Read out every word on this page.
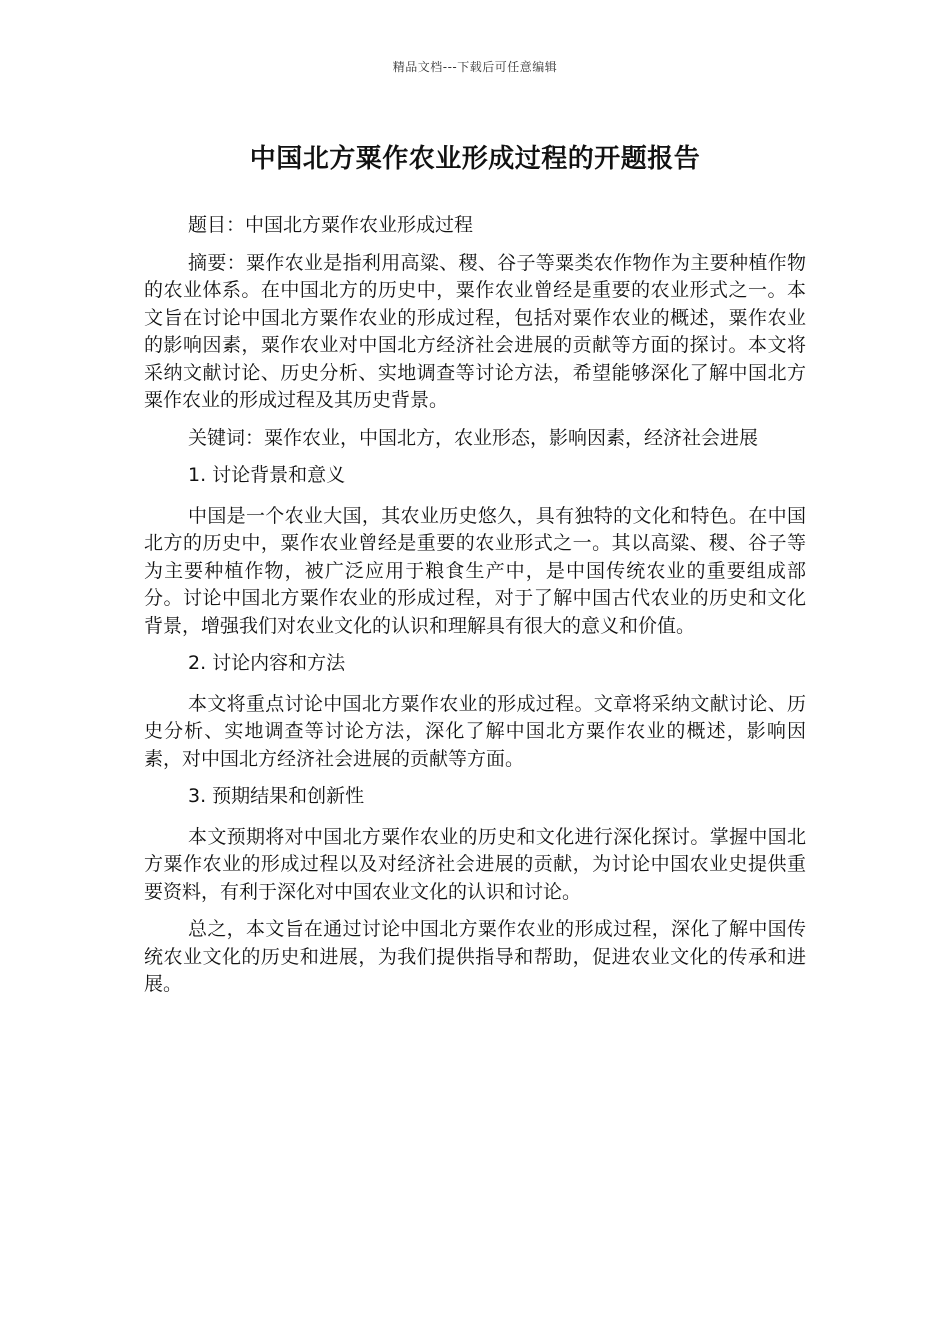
精品文档---下载后可任意编辑
中国北方粟作农业形成过程的开题报告

题目：中国北方粟作农业形成过程

摘要：粟作农业是指利用高粱、稷、谷子等粟类农作物作为主要种植作物的农业体系。在中国北方的历史中，粟作农业曾经是重要的农业形式之一。本文旨在讨论中国北方粟作农业的形成过程，包括对粟作农业的概述，粟作农业的影响因素，粟作农业对中国北方经济社会进展的贡献等方面的探讨。本文将采纳文献讨论、历史分析、实地调查等讨论方法，希望能够深化了解中国北方粟作农业的形成过程及其历史背景。

关键词：粟作农业，中国北方，农业形态，影响因素，经济社会进展

1. 讨论背景和意义

中国是一个农业大国，其农业历史悠久，具有独特的文化和特色。在中国北方的历史中，粟作农业曾经是重要的农业形式之一。其以高粱、稷、谷子等为主要种植作物，被广泛应用于粮食生产中，是中国传统农业的重要组成部分。讨论中国北方粟作农业的形成过程，对于了解中国古代农业的历史和文化背景，增强我们对农业文化的认识和理解具有很大的意义和价值。

2. 讨论内容和方法

本文将重点讨论中国北方粟作农业的形成过程。文章将采纳文献讨论、历史分析、实地调查等讨论方法，深化了解中国北方粟作农业的概述，影响因素，对中国北方经济社会进展的贡献等方面。

3. 预期结果和创新性

本文预期将对中国北方粟作农业的历史和文化进行深化探讨。掌握中国北方粟作农业的形成过程以及对经济社会进展的贡献，为讨论中国农业史提供重要资料，有利于深化对中国农业文化的认识和讨论。

总之，本文旨在通过讨论中国北方粟作农业的形成过程，深化了解中国传统农业文化的历史和进展，为我们提供指导和帮助，促进农业文化的传承和进展。
